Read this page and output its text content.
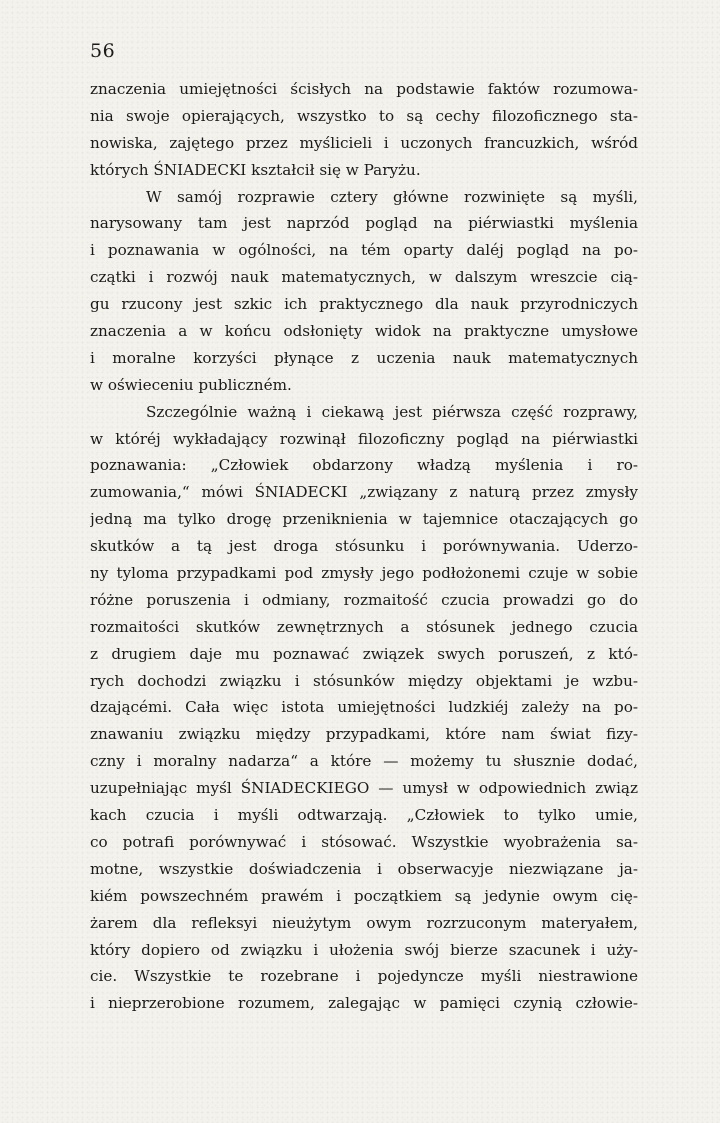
56
znaczenia umiejętności ścisłych na podstawie faktów rozumowa-
nia swoje opierających, wszystko to są cechy filozoficznego sta-
nowiska, zajętego przez myślicieli i uczonych francuzkich, wśród
których ŚNIADECKI kształcił się w Paryżu.
W samój rozprawie cztery główne rozwinięte są myśli,
narysowany tam jest naprzód pogląd na piérwiastki myślenia
i poznawania w ogólności, na tém oparty daléj pogląd na po-
czątki i rozwój nauk matematycznych, w dalszym wreszcie cią-
gu rzucony jest szkic ich praktycznego dla nauk przyrodniczych
znaczenia a w końcu odsłonięty widok na praktyczne umysłowe
i moralne korzyści płynące z uczenia nauk matematycznych
w oświeceniu publiczném.
Szczególnie ważną i ciekawą jest piérwsza część rozprawy,
w któréj wykładający rozwinął filozoficzny pogląd na piérwiastki
poznawania: „Człowiek obdarzony władzą myślenia i ro-
zumowania,“ mówi ŚNIADECKI „związany z naturą przez zmysły
jedną ma tylko drogę przeniknienia w tajemnice otaczających go
skutków a tą jest droga stósunku i porównywania. Uderzo-
ny tyloma przypadkami pod zmysły jego podłożonemi czuje w sobie
różne poruszenia i odmiany, rozmaitość czucia prowadzi go do
rozmaitości skutków zewnętrznych a stósunek jednego czucia
z drugiem daje mu poznawać związek swych poruszeń, z któ-
rych dochodzi związku i stósunków między objektami je wzbu-
dzającémi. Cała więc istota umiejętności ludzkiéj zależy na po-
znawaniu związku między przypadkami, które nam świat fizy-
czny i moralny nadarza“ a które — możemy tu słusznie dodać,
uzupełniając myśl ŚNIADECKIEGO — umysł w odpowiednich związ
kach czucia i myśli odtwarzają. „Człowiek to tylko umie,
co potrafi porównywać i stósować. Wszystkie wyobrażenia sa-
motne, wszystkie doświadczenia i obserwacyje niezwiązane ja-
kiém powszechném prawém i początkiem są jedynie owym cię-
żarem dla refleksyi nieużytym owym rozrzuconym materyałem,
który dopiero od związku i ułożenia swój bierze szacunek i uży-
cie. Wszystkie te rozebrane i pojedyncze myśli niestrawione
i nieprzerobione rozumem, zalegając w pamięci czynią człowie-
